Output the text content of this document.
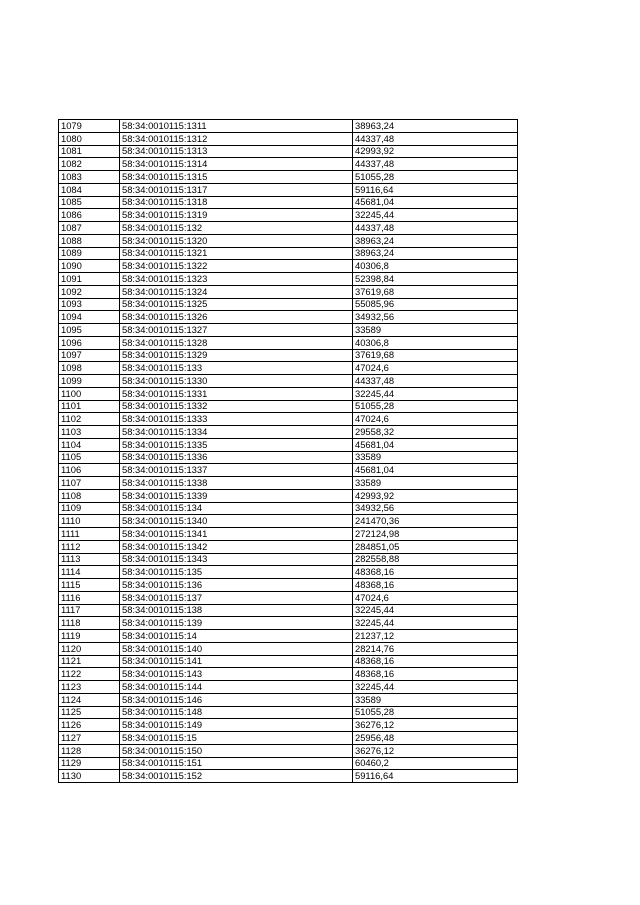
1079	58:34:0010115:1311	38963,24
1080	58:34:0010115:1312	44337,48
1081	58:34:0010115:1313	42993,92
1082	58:34:0010115:1314	44337,48
1083	58:34:0010115:1315	51055,28
1084	58:34:0010115:1317	59116,64
1085	58:34:0010115:1318	45681,04
1086	58:34:0010115:1319	32245,44
1087	58:34:0010115:132	44337,48
1088	58:34:0010115:1320	38963,24
1089	58:34:0010115:1321	38963,24
1090	58:34:0010115:1322	40306,8
1091	58:34:0010115:1323	52398,84
1092	58:34:0010115:1324	37619,68
1093	58:34:0010115:1325	55085,96
1094	58:34:0010115:1326	34932,56
1095	58:34:0010115:1327	33589
1096	58:34:0010115:1328	40306,8
1097	58:34:0010115:1329	37619,68
1098	58:34:0010115:133	47024,6
1099	58:34:0010115:1330	44337,48
1100	58:34:0010115:1331	32245,44
1101	58:34:0010115:1332	51055,28
1102	58:34:0010115:1333	47024,6
1103	58:34:0010115:1334	29558,32
1104	58:34:0010115:1335	45681,04
1105	58:34:0010115:1336	33589
1106	58:34:0010115:1337	45681,04
1107	58:34:0010115:1338	33589
1108	58:34:0010115:1339	42993,92
1109	58:34:0010115:134	34932,56
1110	58:34:0010115:1340	241470,36
1111	58:34:0010115:1341	272124,98
1112	58:34:0010115:1342	284851,05
1113	58:34:0010115:1343	282558,88
1114	58:34:0010115:135	48368,16
1115	58:34:0010115:136	48368,16
1116	58:34:0010115:137	47024,6
1117	58:34:0010115:138	32245,44
1118	58:34:0010115:139	32245,44
1119	58:34:0010115:14	21237,12
1120	58:34:0010115:140	28214,76
1121	58:34:0010115:141	48368,16
1122	58:34:0010115:143	48368,16
1123	58:34:0010115:144	32245,44
1124	58:34:0010115:146	33589
1125	58:34:0010115:148	51055,28
1126	58:34:0010115:149	36276,12
1127	58:34:0010115:15	25956,48
1128	58:34:0010115:150	36276,12
1129	58:34:0010115:151	60460,2
1130	58:34:0010115:152	59116,64
